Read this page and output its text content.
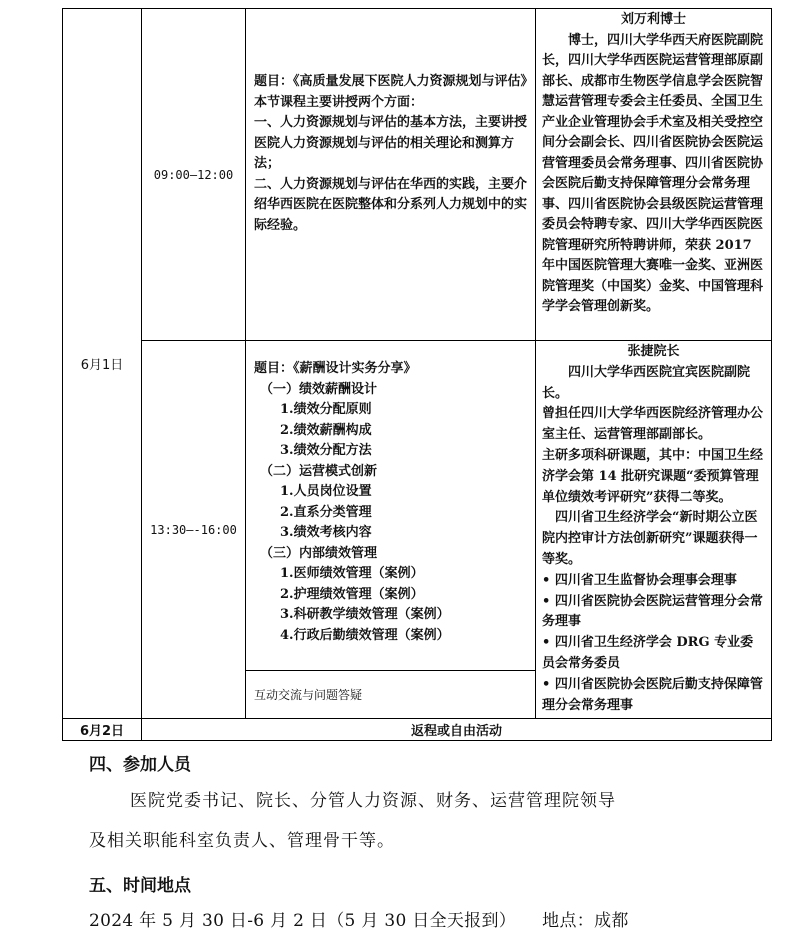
6月1日
09:00—12:00
题目：《高质量发展下医院人力资源规划与评估》
本节课程主要讲授两个方面：
一、人力资源规划与评估的基本方法，主要讲授医院人力资源规划与评估的相关理论和测算方法；
二、人力资源规划与评估在华西的实践，主要介绍华西医院在医院整体和分系列人力规划中的实际经验。
刘万利博士
博士，四川大学华西天府医院副院长，四川大学华西医院运营管理部原副部长、成都市生物医学信息学会医院智慧运营管理专委会主任委员、全国卫生产业企业管理协会手术室及相关受控空间分会副会长、四川省医院协会医院运营管理委员会常务理事、四川省医院协会医院后勤支持保障管理分会常务理事、四川省医院协会县级医院运营管理委员会特聘专家、四川大学华西医院医院管理研究所特聘讲师，荣获 2017 年中国医院管理大赛唯一金奖、亚洲医院管理奖（中国奖）金奖、中国管理科学学会管理创新奖。
13:30—-16:00
题目：《薪酬设计实务分享》
（一）绩效薪酬设计
1.绩效分配原则
2.绩效薪酬构成
3.绩效分配方法
（二）运营模式创新
1.人员岗位设置
2.直系分类管理
3.绩效考核内容
（三）内部绩效管理
1.医师绩效管理（案例）
2.护理绩效管理（案例）
3.科研教学绩效管理（案例）
4.行政后勤绩效管理（案例）
互动交流与问题答疑
张捷院长
四川大学华西医院宜宾医院副院长。
曾担任四川大学华西医院经济管理办公室主任、运营管理部副部长。
主研多项科研课题，其中：中国卫生经济学会第 14 批研究课题“委预算管理单位绩效考评研究”获得二等奖。
四川省卫生经济学会“新时期公立医院内控审计方法创新研究”课题获得一等奖。
• 四川省卫生监督协会理事会理事
• 四川省医院协会医院运营管理分会常务理事
• 四川省卫生经济学会 DRG 专业委员会常务委员
• 四川省医院协会医院后勤支持保障管理分会常务理事
6月2日	返程或自由活动
四、参加人员
医院党委书记、院长、分管人力资源、财务、运营管理院领导
及相关职能科室负责人、管理骨干等。
五、时间地点
2024 年 5 月 30 日-6 月 2 日（5 月 30 日全天报到）　　地点：成都
